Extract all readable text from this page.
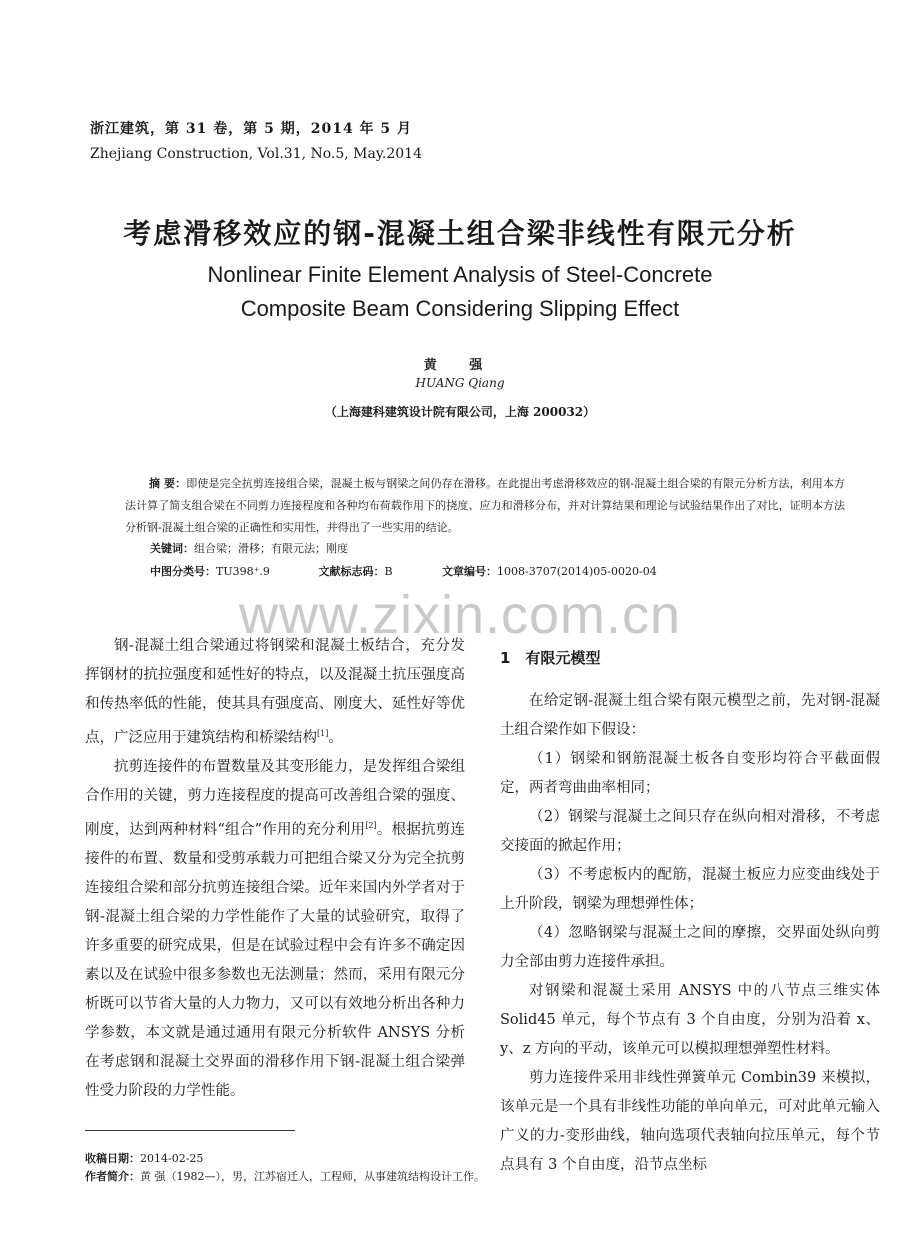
浙江建筑，第 31 卷，第 5 期，2014 年 5 月
Zhejiang Construction, Vol.31, No.5, May.2014
考虑滑移效应的钢-混凝土组合梁非线性有限元分析
Nonlinear Finite Element Analysis of Steel-Concrete
Composite Beam Considering Slipping Effect
黄 强
HUANG Qiang
（上海建科建筑设计院有限公司，上海 200032）
摘 要：即使是完全抗剪连接组合梁，混凝土板与钢梁之间仍存在滑移。在此提出考虑滑移效应的钢-混凝土组合梁的有限元分析方法，利用本方法计算了简支组合梁在不同剪力连接程度和各种均布荷载作用下的挠度、应力和滑移分布，并对计算结果和理论与试验结果作出了对比，证明本方法分析钢-混凝土组合梁的正确性和实用性，并得出了一些实用的结论。
关键词：组合梁；滑移；有限元法；刚度
中图分类号：TU398⁺.9	文献标志码：B	文章编号：1008-3707(2014)05-0020-04
www.zixin.com.cn

钢-混凝土组合梁通过将钢梁和混凝土板结合，充分发挥钢材的抗拉强度和延性好的特点，以及混凝土抗压强度高和传热率低的性能，使其具有强度高、刚度大、延性好等优点，广泛应用于建筑结构和桥梁结构[1]。

抗剪连接件的布置数量及其变形能力，是发挥组合梁组合作用的关键，剪力连接程度的提高可改善组合梁的强度、刚度，达到两种材料“组合”作用的充分利用[2]。根据抗剪连接件的布置、数量和受剪承载力可把组合梁又分为完全抗剪连接组合梁和部分抗剪连接组合梁。近年来国内外学者对于钢-混凝土组合梁的力学性能作了大量的试验研究，取得了许多重要的研究成果，但是在试验过程中会有许多不确定因素以及在试验中很多参数也无法测量；然而，采用有限元分析既可以节省大量的人力物力，又可以有效地分析出各种力学参数，本文就是通过通用有限元分析软件 ANSYS 分析在考虑钢和混凝土交界面的滑移作用下钢-混凝土组合梁弹性受力阶段的力学性能。

1　有限元模型

在给定钢-混凝土组合梁有限元模型之前，先对钢-混凝土组合梁作如下假设：

（1）钢梁和钢筋混凝土板各自变形均符合平截面假定，两者弯曲曲率相同；

（2）钢梁与混凝土之间只存在纵向相对滑移，不考虑交接面的掀起作用；

（3）不考虑板内的配筋，混凝土板应力应变曲线处于上升阶段，钢梁为理想弹性体；

（4）忽略钢梁与混凝土之间的摩擦，交界面处纵向剪力全部由剪力连接件承担。

对钢梁和混凝土采用 ANSYS 中的八节点三维实体 Solid45 单元，每个节点有 3 个自由度，分别为沿着 x、y、z 方向的平动，该单元可以模拟理想弹塑性材料。

剪力连接件采用非线性弹簧单元 Combin39 来模拟，该单元是一个具有非线性功能的单向单元，可对此单元输入广义的力-变形曲线，轴向选项代表轴向拉压单元，每个节点具有 3 个自由度，沿节点坐标

收稿日期：2014-02-25
作者简介：黄 强（1982—），男，江苏宿迁人，工程师，从事建筑结构设计工作。
